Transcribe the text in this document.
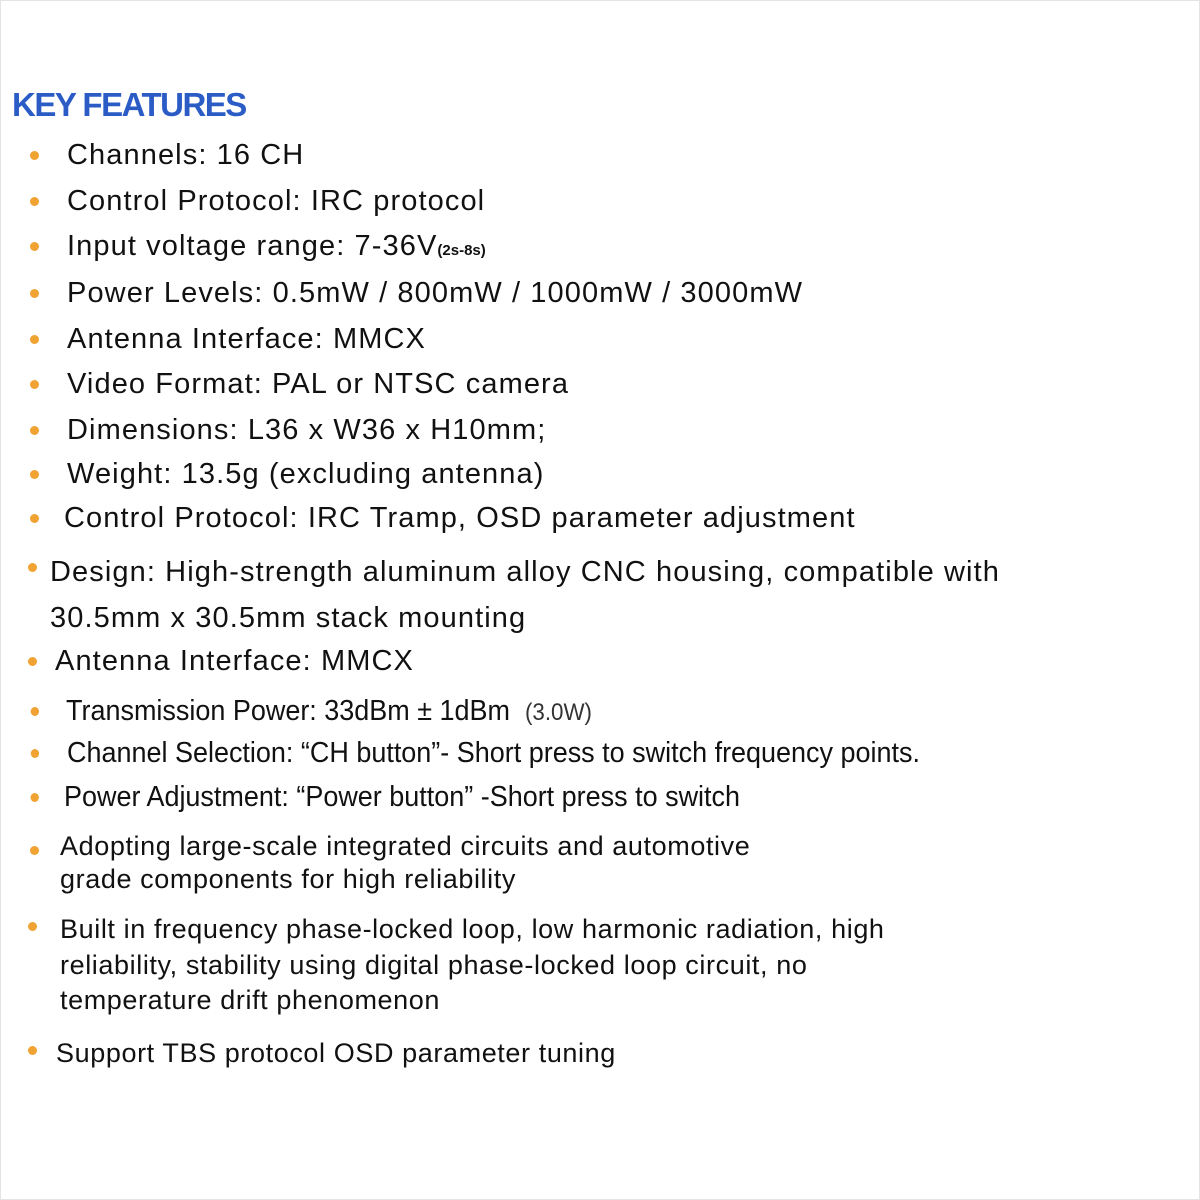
KEY FEATURES
Channels: 16 CH
Control Protocol: IRC protocol
Input voltage range: 7-36V(2s-8s)
Power Levels: 0.5mW / 800mW / 1000mW / 3000mW
Antenna Interface: MMCX
Video Format: PAL or NTSC camera
Dimensions: L36 x W36 x H10mm;
Weight: 13.5g (excluding antenna)
Control Protocol: IRC Tramp, OSD parameter adjustment
Design: High-strength aluminum alloy CNC housing, compatible with
30.5mm x 30.5mm stack mounting
Antenna Interface: MMCX
Transmission Power: 33dBm ± 1dBm (3.0W)
Channel Selection: “CH button”- Short press to switch frequency points.
Power Adjustment: “Power button” -Short press to switch
Adopting large-scale integrated circuits and automotive
grade components for high reliability
Built in frequency phase-locked loop, low harmonic radiation, high
reliability, stability using digital phase-locked loop circuit, no
temperature drift phenomenon
Support TBS protocol OSD parameter tuning
